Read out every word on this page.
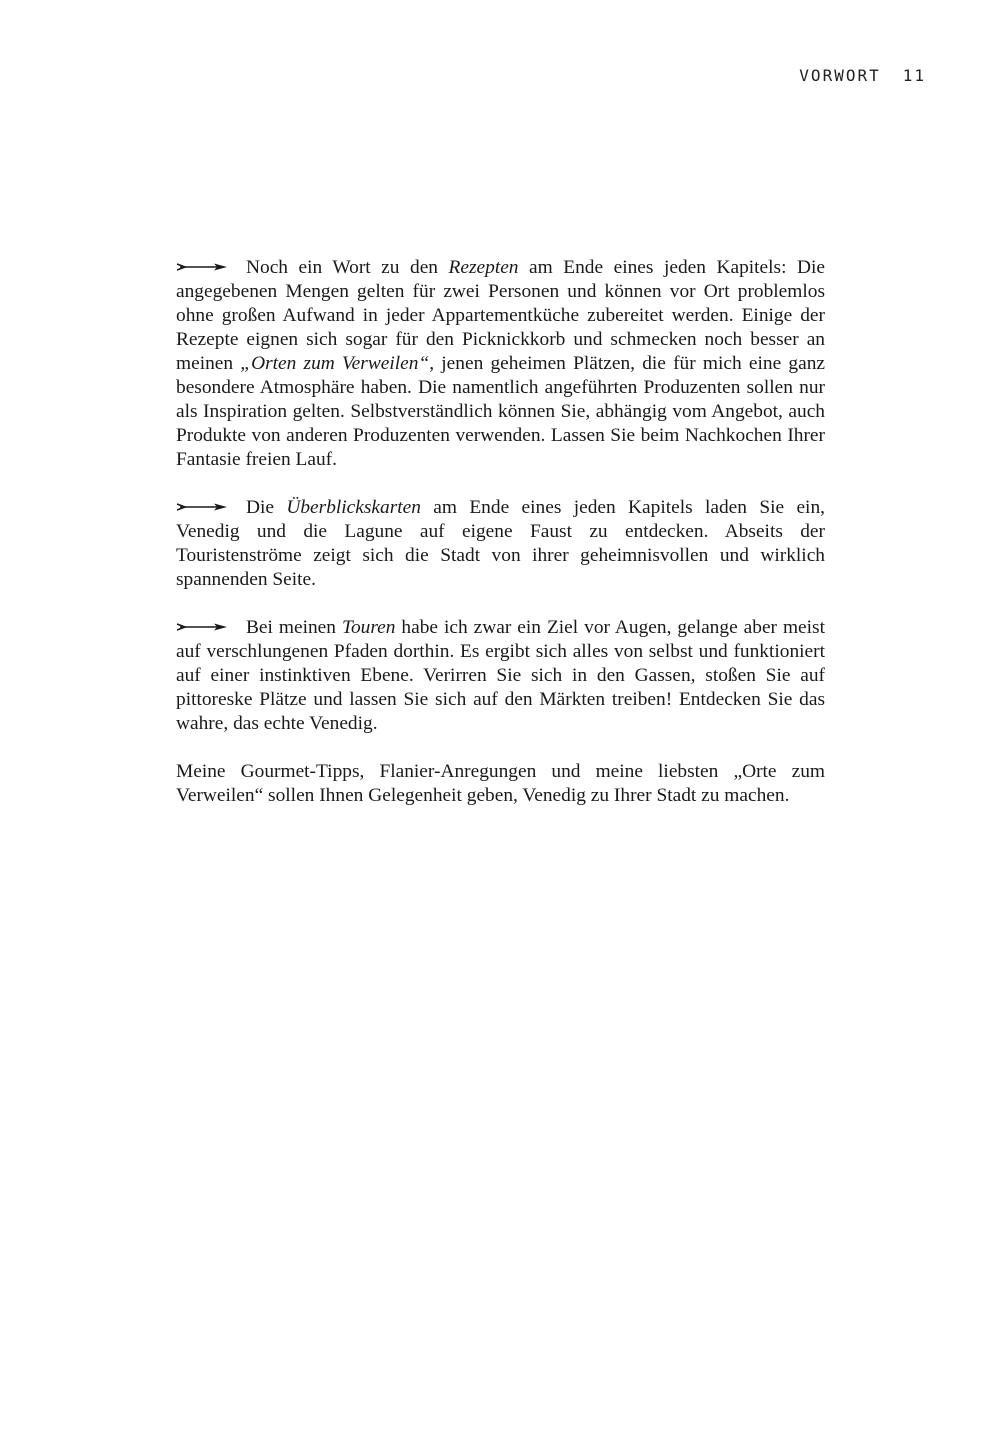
VORWORT 11

Noch ein Wort zu den Rezepten am Ende eines jeden Kapitels: Die angegebenen Mengen gelten für zwei Personen und können vor Ort problemlos ohne großen Aufwand in jeder Appartementküche zubereitet werden. Einige der Rezepte eignen sich sogar für den Picknickkorb und schmecken noch besser an meinen „Orten zum Verweilen“, jenen geheimen Plätzen, die für mich eine ganz besondere Atmosphäre haben. Die namentlich angeführten Produzenten sollen nur als Inspiration gelten. Selbstverständlich können Sie, abhängig vom Angebot, auch Produkte von anderen Produzenten verwenden. Lassen Sie beim Nachkochen Ihrer Fantasie freien Lauf.

Die Überblickskarten am Ende eines jeden Kapitels laden Sie ein, Venedig und die Lagune auf eigene Faust zu entdecken. Abseits der Touristenströme zeigt sich die Stadt von ihrer geheimnisvollen und wirklich spannenden Seite.

Bei meinen Touren habe ich zwar ein Ziel vor Augen, gelange aber meist auf verschlungenen Pfaden dorthin. Es ergibt sich alles von selbst und funktioniert auf einer instinktiven Ebene. Verirren Sie sich in den Gassen, stoßen Sie auf pittoreske Plätze und lassen Sie sich auf den Märkten treiben! Entdecken Sie das wahre, das echte Venedig.

Meine Gourmet-Tipps, Flanier-Anregungen und meine liebsten „Orte zum Verweilen“ sollen Ihnen Gelegenheit geben, Venedig zu Ihrer Stadt zu machen.
